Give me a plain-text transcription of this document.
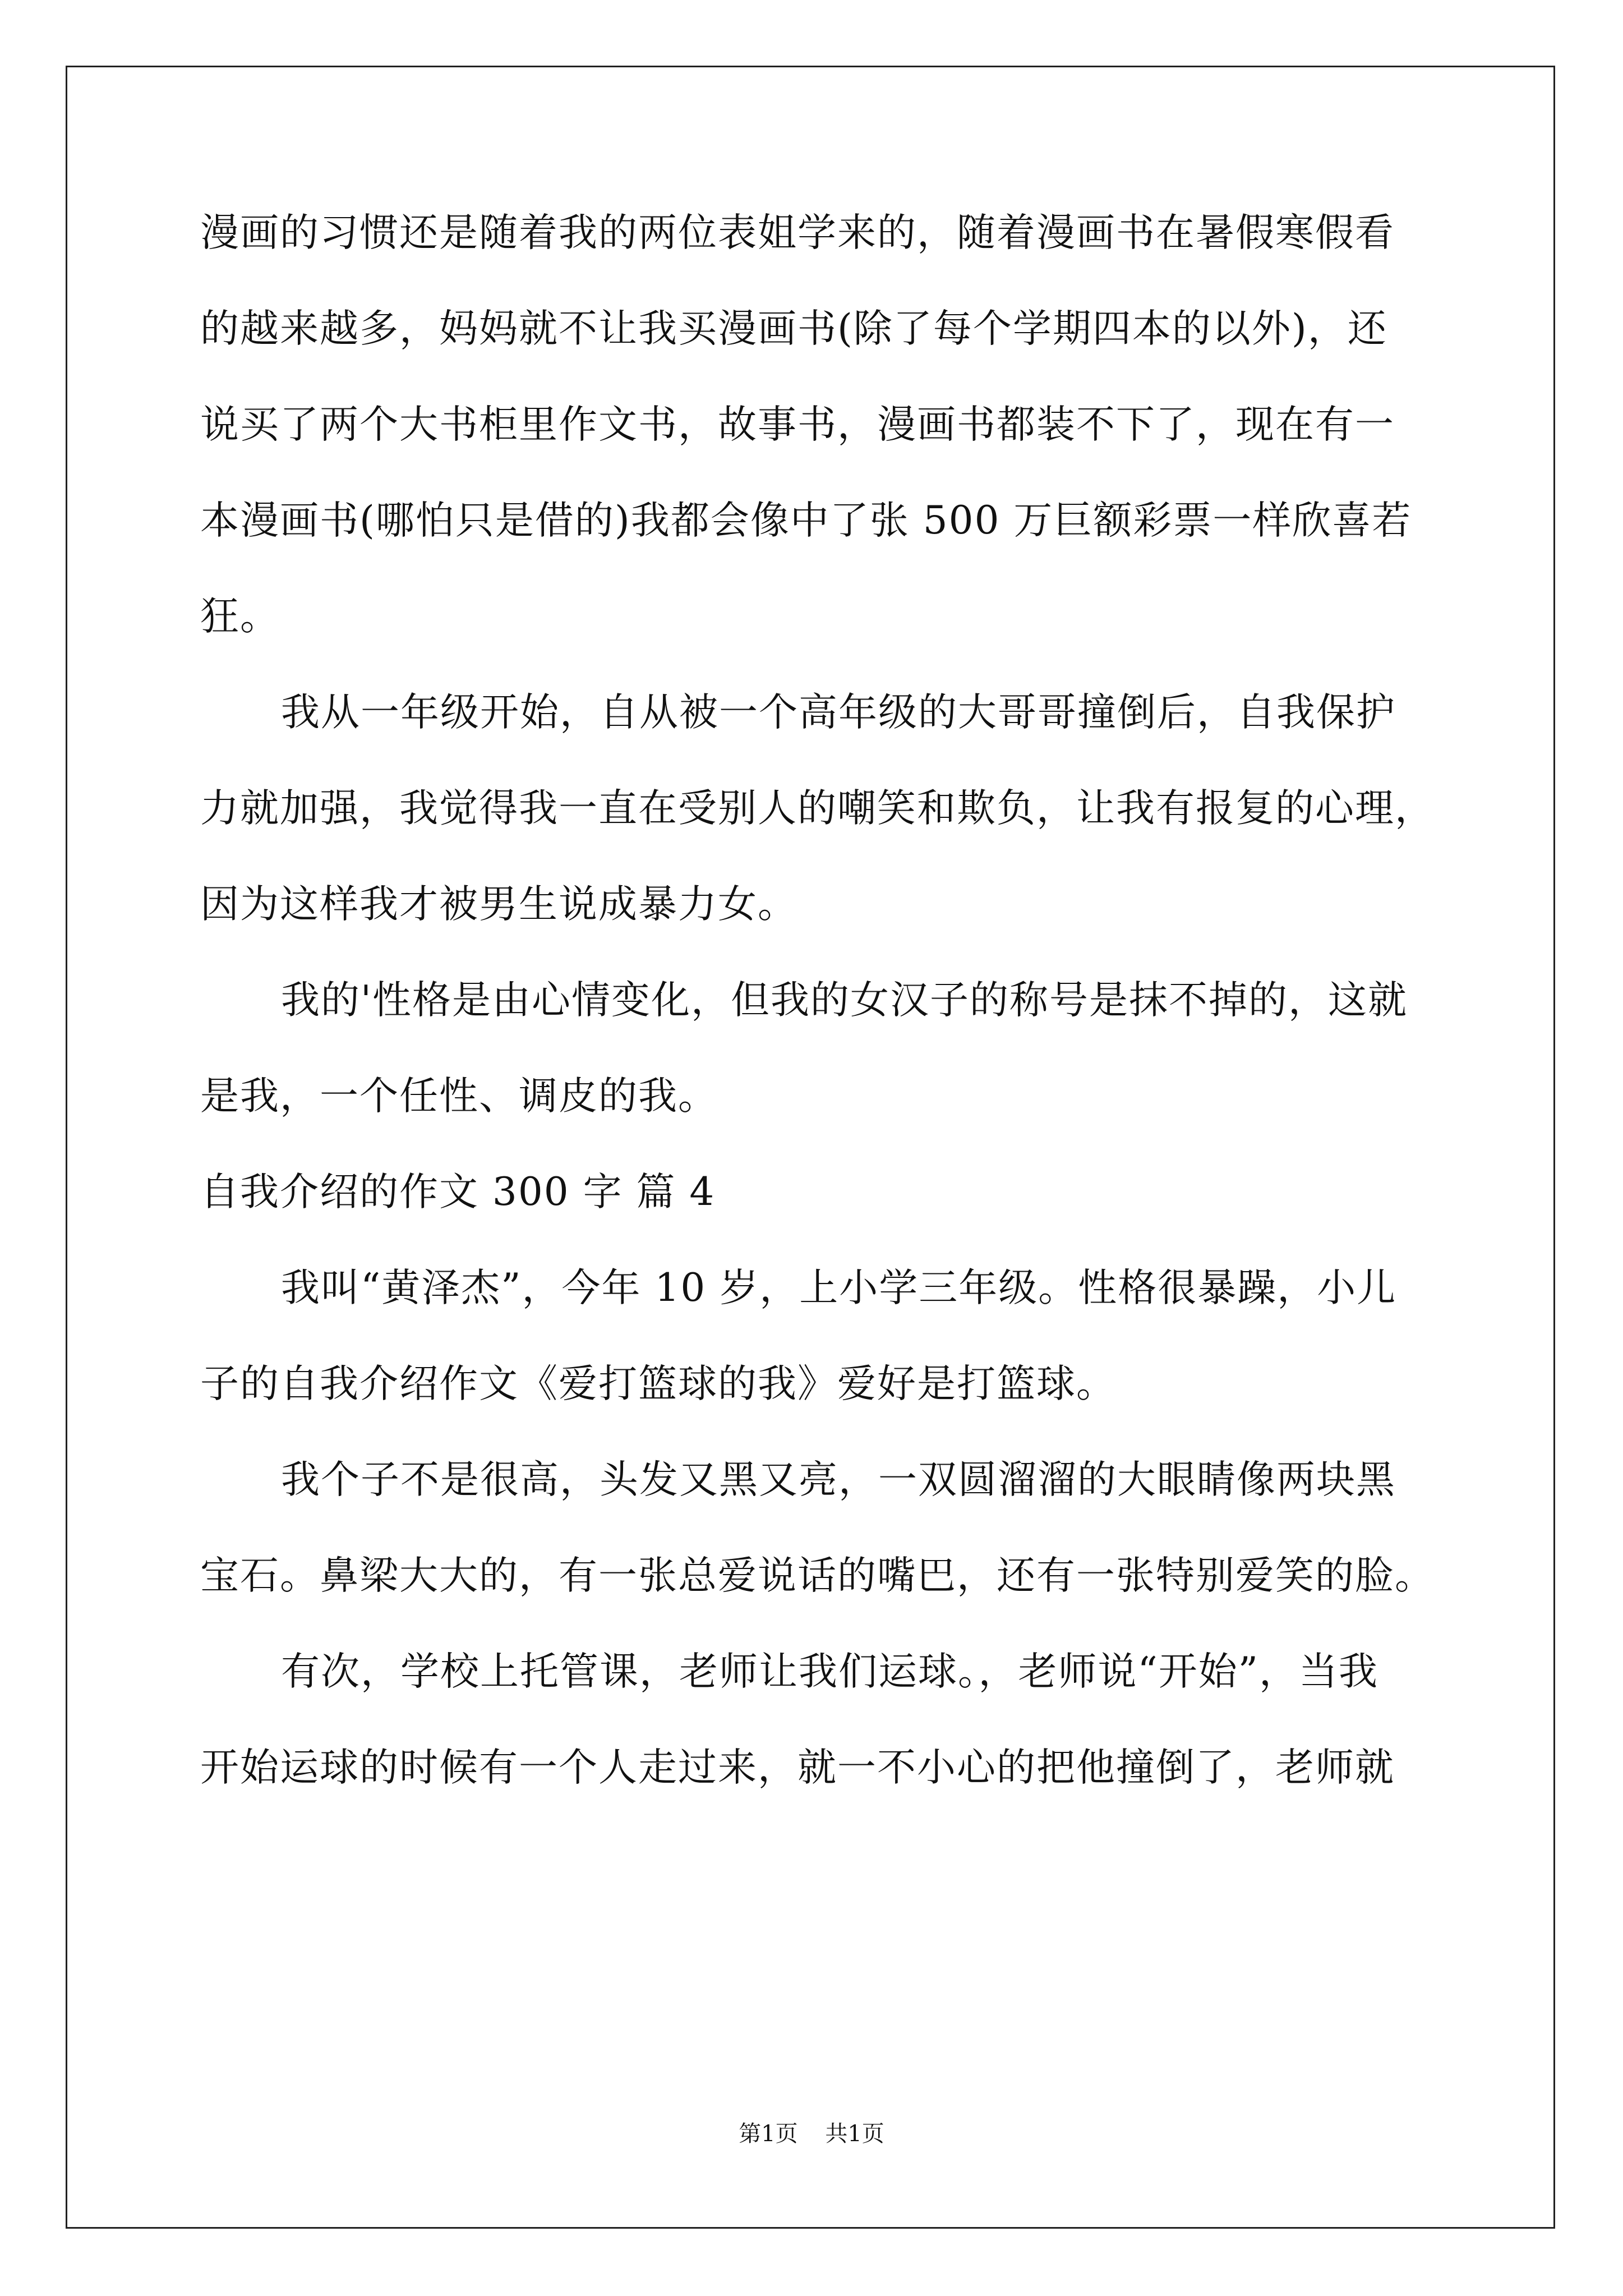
漫画的习惯还是随着我的两位表姐学来的，随着漫画书在暑假寒假看
的越来越多，妈妈就不让我买漫画书(除了每个学期四本的以外)，还
说买了两个大书柜里作文书，故事书，漫画书都装不下了，现在有一
本漫画书(哪怕只是借的)我都会像中了张 500 万巨额彩票一样欣喜若
狂。
我从一年级开始，自从被一个高年级的大哥哥撞倒后，自我保护
力就加强，我觉得我一直在受别人的嘲笑和欺负，让我有报复的心理，
因为这样我才被男生说成暴力女。
我的'性格是由心情变化，但我的女汉子的称号是抹不掉的，这就
是我，一个任性、调皮的我。
自我介绍的作文 300 字 篇 4
我叫“黄泽杰”，今年 10 岁，上小学三年级。性格很暴躁，小儿
子的自我介绍作文《爱打篮球的我》爱好是打篮球。
我个子不是很高，头发又黑又亮，一双圆溜溜的大眼睛像两块黑
宝石。鼻梁大大的，有一张总爱说话的嘴巴，还有一张特别爱笑的脸。
有次，学校上托管课，老师让我们运球。，老师说“开始”，当我
开始运球的时候有一个人走过来，就一不小心的把他撞倒了，老师就
第1页 共1页
